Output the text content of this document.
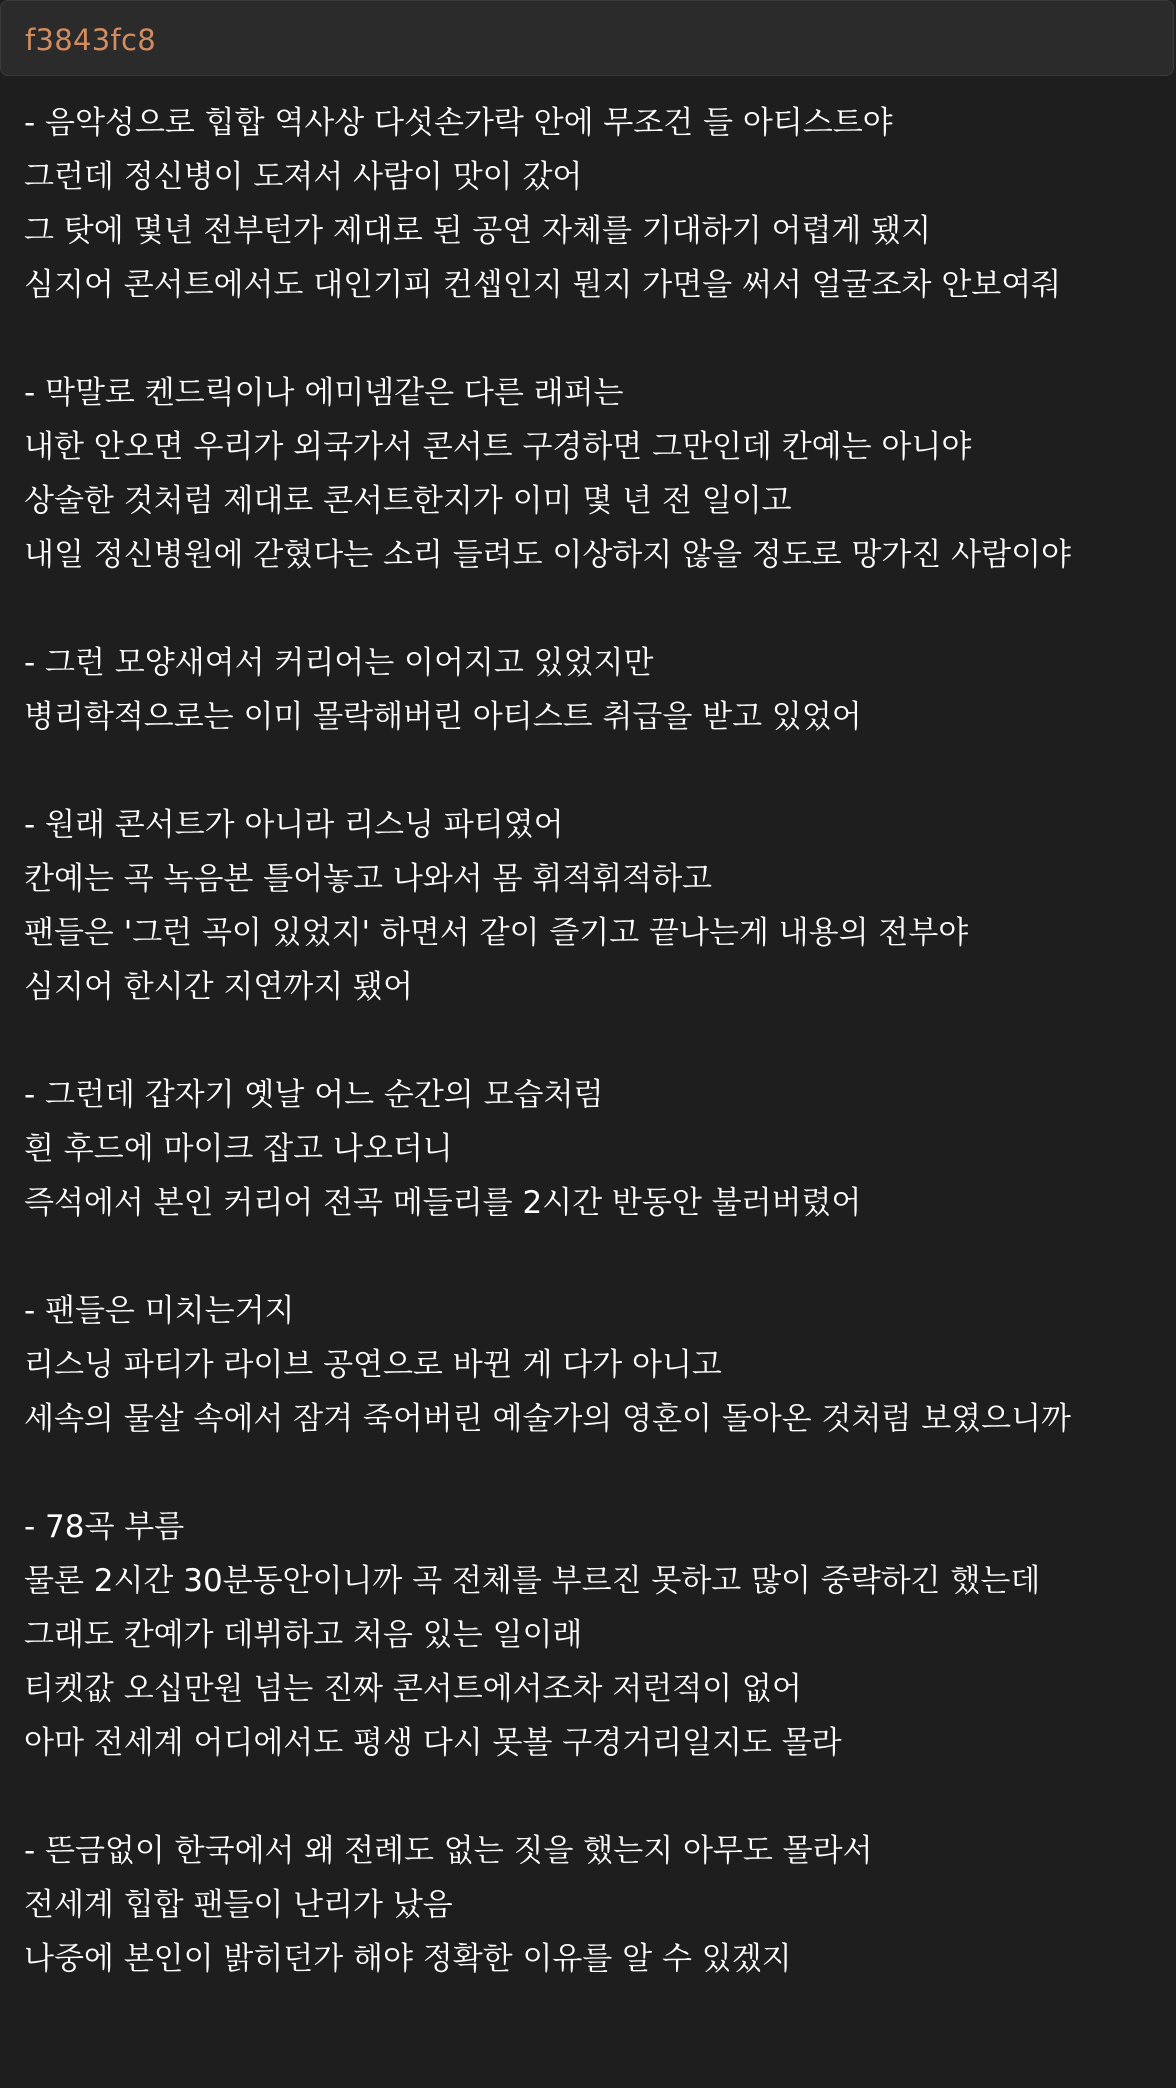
f3843fc8
- 음악성으로 힙합 역사상 다섯손가락 안에 무조건 들 아티스트야
그런데 정신병이 도져서 사람이 맛이 갔어
그 탓에 몇년 전부턴가 제대로 된 공연 자체를 기대하기 어렵게 됐지
심지어 콘서트에서도 대인기피 컨셉인지 뭔지 가면을 써서 얼굴조차 안보여줘
- 막말로 켄드릭이나 에미넴같은 다른 래퍼는
내한 안오면 우리가 외국가서 콘서트 구경하면 그만인데 칸예는 아니야
상술한 것처럼 제대로 콘서트한지가 이미 몇 년 전 일이고
내일 정신병원에 갇혔다는 소리 들려도 이상하지 않을 정도로 망가진 사람이야
- 그런 모양새여서 커리어는 이어지고 있었지만
병리학적으로는 이미 몰락해버린 아티스트 취급을 받고 있었어
- 원래 콘서트가 아니라 리스닝 파티였어
칸예는 곡 녹음본 틀어놓고 나와서 몸 휘적휘적하고
팬들은 '그런 곡이 있었지' 하면서 같이 즐기고 끝나는게 내용의 전부야
심지어 한시간 지연까지 됐어
- 그런데 갑자기 옛날 어느 순간의 모습처럼
흰 후드에 마이크 잡고 나오더니
즉석에서 본인 커리어 전곡 메들리를 2시간 반동안 불러버렸어
- 팬들은 미치는거지
리스닝 파티가 라이브 공연으로 바뀐 게 다가 아니고
세속의 물살 속에서 잠겨 죽어버린 예술가의 영혼이 돌아온 것처럼 보였으니까
- 78곡 부름
물론 2시간 30분동안이니까 곡 전체를 부르진 못하고 많이 중략하긴 했는데
그래도 칸예가 데뷔하고 처음 있는 일이래
티켓값 오십만원 넘는 진짜 콘서트에서조차 저런적이 없어
아마 전세계 어디에서도 평생 다시 못볼 구경거리일지도 몰라
- 뜬금없이 한국에서 왜 전례도 없는 짓을 했는지 아무도 몰라서
전세계 힙합 팬들이 난리가 났음
나중에 본인이 밝히던가 해야 정확한 이유를 알 수 있겠지
